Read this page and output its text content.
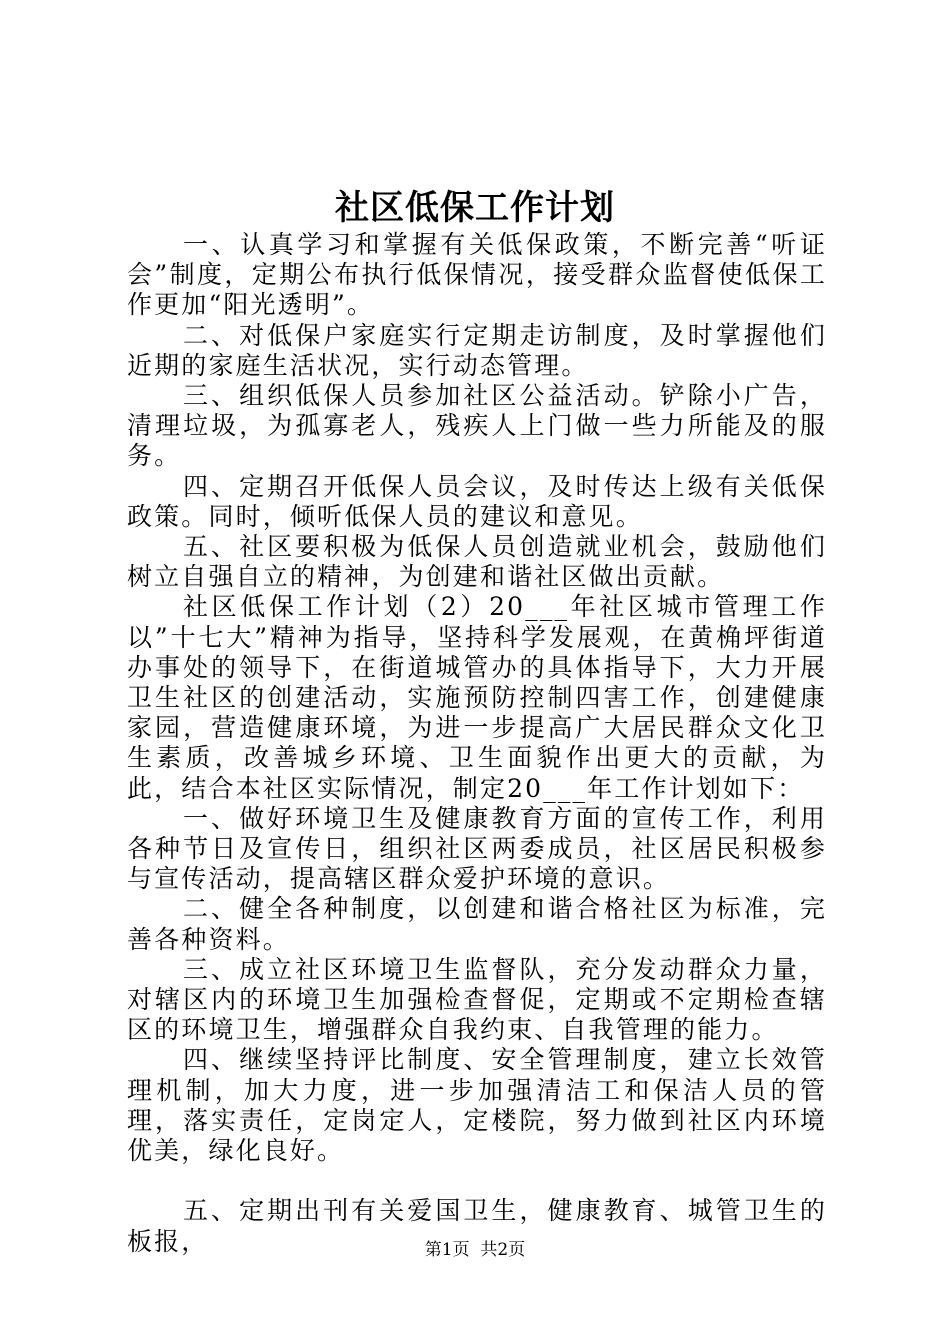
社区低保工作计划

一、认真学习和掌握有关低保政策，不断完善“听证会”制度，定期公布执行低保情况，接受群众监督使低保工作更加“阳光透明”。

二、对低保户家庭实行定期走访制度，及时掌握他们近期的家庭生活状况，实行动态管理。

三、组织低保人员参加社区公益活动。铲除小广告，清理垃圾，为孤寡老人，残疾人上门做一些力所能及的服务。

四、定期召开低保人员会议，及时传达上级有关低保政策。同时，倾听低保人员的建议和意见。

五、社区要积极为低保人员创造就业机会，鼓励他们树立自强自立的精神，为创建和谐社区做出贡献。

社区低保工作计划（2）20___年社区城市管理工作以”十七大”精神为指导，坚持科学发展观，在黄桷坪街道办事处的领导下，在街道城管办的具体指导下，大力开展卫生社区的创建活动，实施预防控制四害工作，创建健康家园，营造健康环境，为进一步提高广大居民群众文化卫生素质，改善城乡环境、卫生面貌作出更大的贡献，为此，结合本社区实际情况，制定20___年工作计划如下：

一、做好环境卫生及健康教育方面的宣传工作，利用各种节日及宣传日，组织社区两委成员，社区居民积极参与宣传活动，提高辖区群众爱护环境的意识。

二、健全各种制度，以创建和谐合格社区为标准，完善各种资料。

三、成立社区环境卫生监督队，充分发动群众力量，对辖区内的环境卫生加强检查督促，定期或不定期检查辖区的环境卫生，增强群众自我约束、自我管理的能力。

四、继续坚持评比制度、安全管理制度，建立长效管理机制，加大力度，进一步加强清洁工和保洁人员的管理，落实责任，定岗定人，定楼院，努力做到社区内环境优美，绿化良好。

五、定期出刊有关爱国卫生，健康教育、城管卫生的板报，	第1页  共2页
